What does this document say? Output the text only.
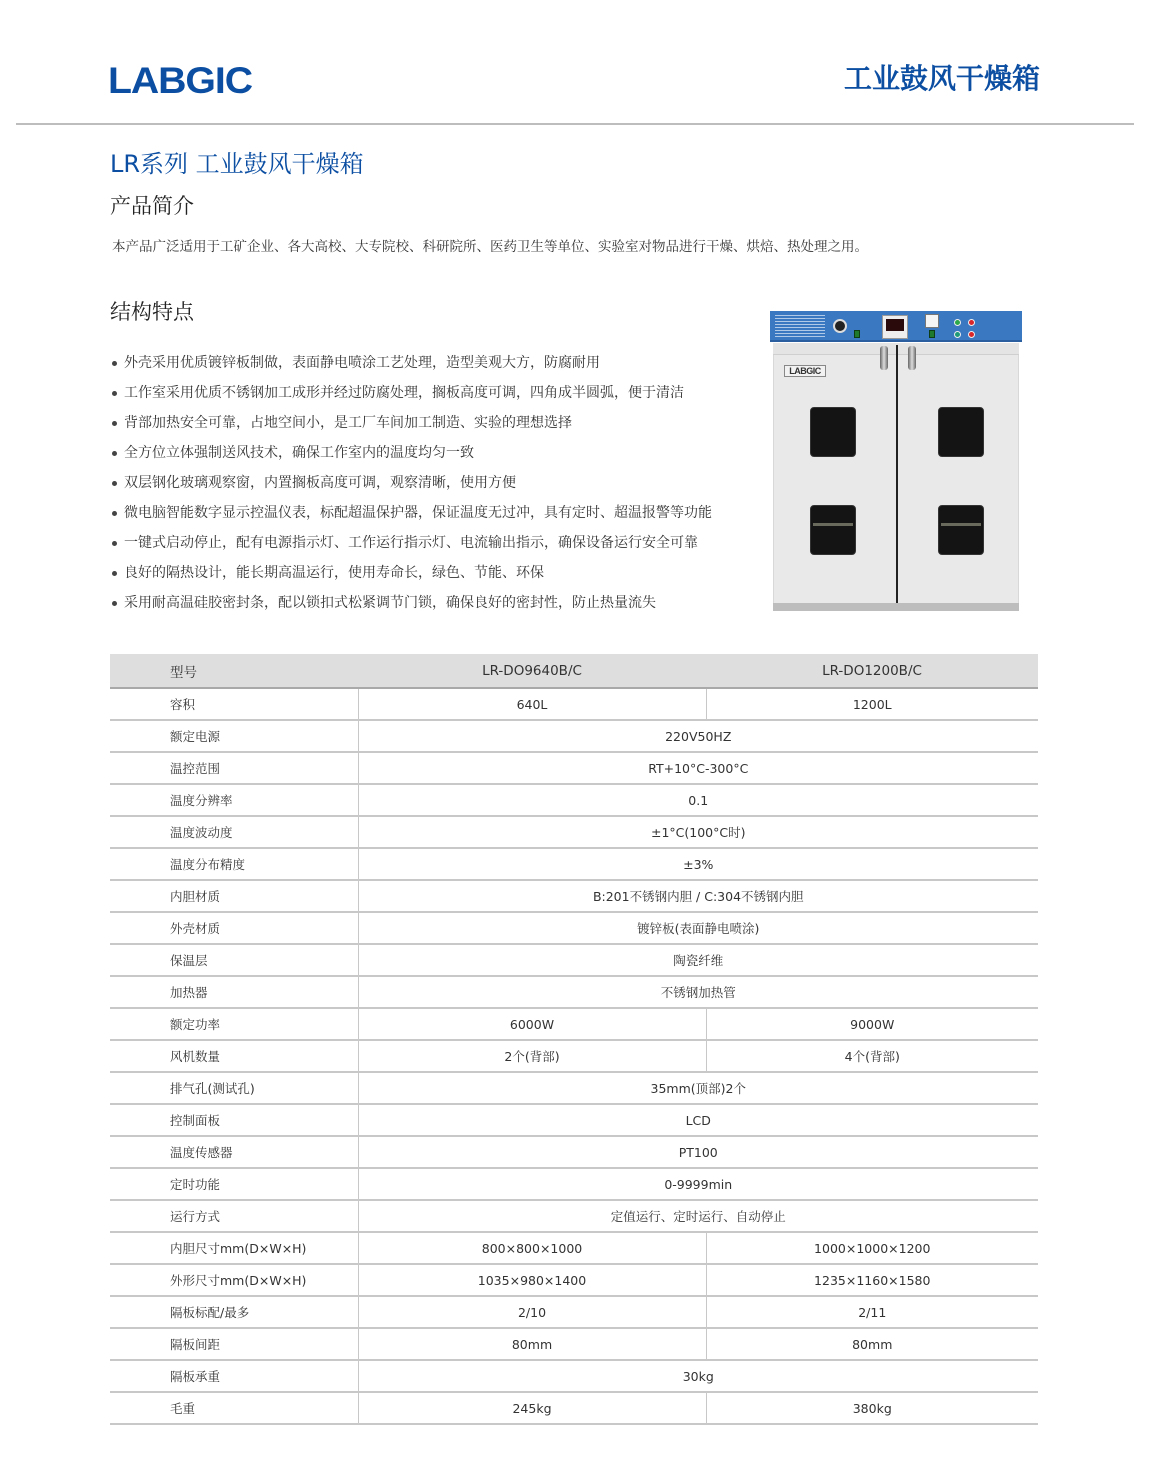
LABGIC	工业鼓风干燥箱
LR系列 工业鼓风干燥箱
产品简介
本产品广泛适用于工矿企业、各大高校、大专院校、科研院所、医药卫生等单位、实验室对物品进行干燥、烘焙、热处理之用。
结构特点
外壳采用优质镀锌板制做，表面静电喷涂工艺处理，造型美观大方，防腐耐用
工作室采用优质不锈钢加工成形并经过防腐处理，搁板高度可调，四角成半圆弧，便于清洁
背部加热安全可靠，占地空间小，是工厂车间加工制造、实验的理想选择
全方位立体强制送风技术，确保工作室内的温度均匀一致
双层钢化玻璃观察窗，内置搁板高度可调，观察清晰，使用方便
微电脑智能数字显示控温仪表，标配超温保护器，保证温度无过冲，具有定时、超温报警等功能
一键式启动停止，配有电源指示灯、工作运行指示灯、电流输出指示，确保设备运行安全可靠
良好的隔热设计，能长期高温运行，使用寿命长，绿色、节能、环保
采用耐高温硅胶密封条，配以锁扣式松紧调节门锁，确保良好的密封性，防止热量流失
LABGIC
型号	LR-DO9640B/C	LR-DO1200B/C
容积	640L	1200L
额定电源	220V50HZ	
温控范围	RT+10°C-300°C	
温度分辨率	0.1	
温度波动度	±1°C(100°C时)	
温度分布精度	±3%	
内胆材质	B:201不锈钢内胆 / C:304不锈钢内胆	
外壳材质	镀锌板(表面静电喷涂)	
保温层	陶瓷纤维	
加热器	不锈钢加热管	
额定功率	6000W	9000W
风机数量	2个(背部)	4个(背部)
排气孔(测试孔)	35mm(顶部)2个	
控制面板	LCD	
温度传感器	PT100	
定时功能	0-9999min	
运行方式	定值运行、定时运行、自动停止	
内胆尺寸mm(D×W×H)	800×800×1000	1000×1000×1200
外形尺寸mm(D×W×H)	1035×980×1400	1235×1160×1580
隔板标配/最多	2/10	2/11
隔板间距	80mm	80mm
隔板承重	30kg	
毛重	245kg	380kg
